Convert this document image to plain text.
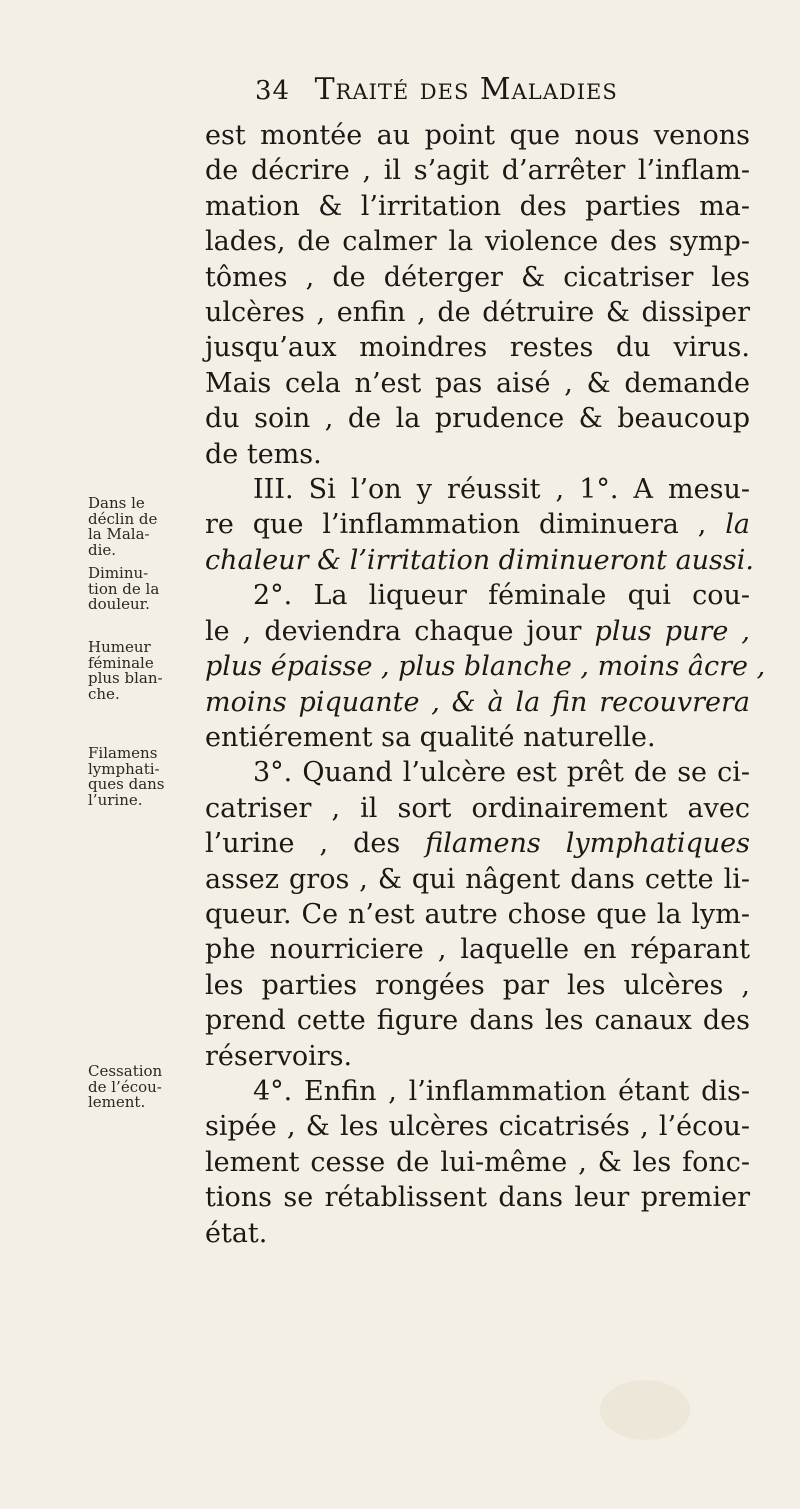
34 Traité des Maladies
est montée au point que nous venons
de décrire , il s’agit d’arrêter l’inflam-
mation & l’irritation des parties ma-
lades, de calmer la violence des symp-
tômes , de déterger & cicatriser les
ulcères , enfin , de détruire & dissiper
jusqu’aux moindres restes du virus.
Mais cela n’est pas aisé , & demande
du soin , de la prudence & beaucoup
de tems.
III. Si l’on y réussit , 1°. A mesu-
re que l’inflammation diminuera , la
chaleur & l’irritation diminueront aussi.
2°. La liqueur féminale qui cou-
le , deviendra chaque jour plus pure ,
plus épaisse , plus blanche , moins âcre ,
moins piquante , & à la fin recouvrera
entiérement sa qualité naturelle.
3°. Quand l’ulcère est prêt de se ci-
catriser , il sort ordinairement avec
l’urine , des filamens lymphatiques
assez gros , & qui nâgent dans cette li-
queur. Ce n’est autre chose que la lym-
phe nourriciere , laquelle en réparant
les parties rongées par les ulcères ,
prend cette figure dans les canaux des
réservoirs.
4°. Enfin , l’inflammation étant dis-
sipée , & les ulcères cicatrisés , l’écou-
lement cesse de lui-même , & les fonc-
tions se rétablissent dans leur premier
état.
Dans le
déclin de
la Mala-
die.
Diminu-
tion de la
douleur.
Humeur
féminale
plus blan-
che.
Filamens
lymphati-
ques dans
l’urine.
Cessation
de l’écou-
lement.
